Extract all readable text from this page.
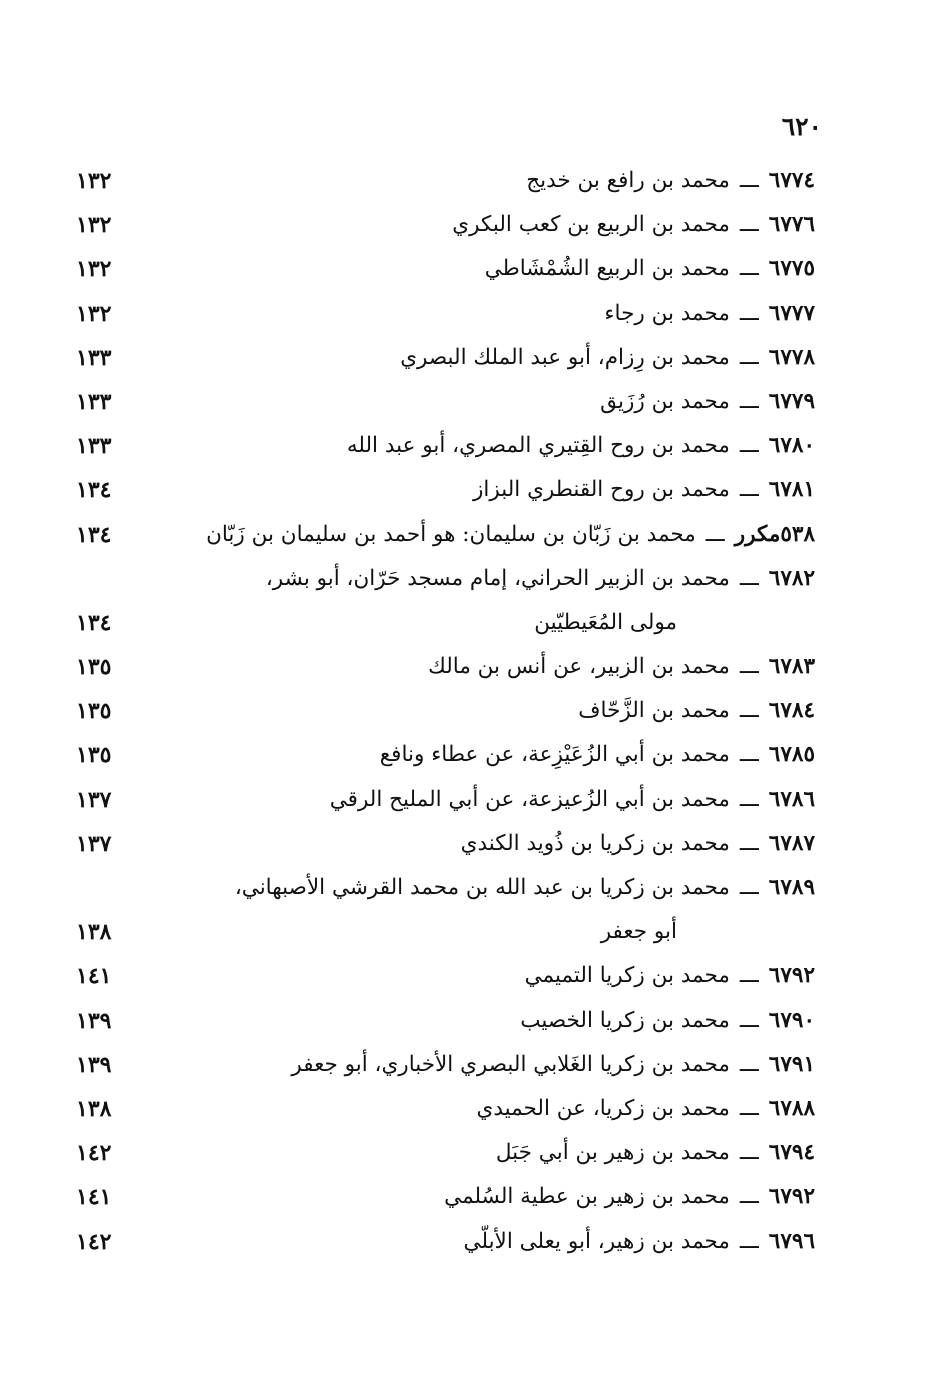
٦٢٠
٦٧٧٤ـــمحمد بن رافع بن خديج
١٣٢
٦٧٧٦ـــمحمد بن الربيع بن كعب البكري
١٣٢
٦٧٧٥ـــمحمد بن الربيع الشُمْشَاطي
١٣٢
٦٧٧٧ـــمحمد بن رجاء
١٣٢
٦٧٧٨ـــمحمد بن رِزام، أبو عبد الملك البصري
١٣٣
٦٧٧٩ـــمحمد بن رُزَيق
١٣٣
٦٧٨٠ـــمحمد بن روح القِتيري المصري، أبو عبد الله
١٣٣
٦٧٨١ـــمحمد بن روح القنطري البزاز
١٣٤
٥٣٨مكررـــمحمد بن زَبّان بن سليمان: هو أحمد بن سليمان بن زَبّان
١٣٤
٦٧٨٢ـــمحمد بن الزبير الحراني، إمام مسجد حَرّان، أبو بشر،
مولى المُعَيطيّين
١٣٤
٦٧٨٣ـــمحمد بن الزبير، عن أنس بن مالك
١٣٥
٦٧٨٤ـــمحمد بن الزَّحّاف
١٣٥
٦٧٨٥ـــمحمد بن أبي الزُعَيْزِعة، عن عطاء ونافع
١٣٥
٦٧٨٦ـــمحمد بن أبي الزُعيزعة، عن أبي المليح الرقي
١٣٧
٦٧٨٧ـــمحمد بن زكريا بن ذُويد الكندي
١٣٧
٦٧٨٩ـــمحمد بن زكريا بن عبد الله بن محمد القرشي الأصبهاني،
أبو جعفر
١٣٨
٦٧٩٢ـــمحمد بن زكريا التميمي
١٤١
٦٧٩٠ـــمحمد بن زكريا الخصيب
١٣٩
٦٧٩١ـــمحمد بن زكريا الغَلابي البصري الأخباري، أبو جعفر
١٣٩
٦٧٨٨ـــمحمد بن زكريا، عن الحميدي
١٣٨
٦٧٩٤ـــمحمد بن زهير بن أبي جَبَل
١٤٢
٦٧٩٢ـــمحمد بن زهير بن عطية السُلمي
١٤١
٦٧٩٦ـــمحمد بن زهير، أبو يعلى الأبلّي
١٤٢
